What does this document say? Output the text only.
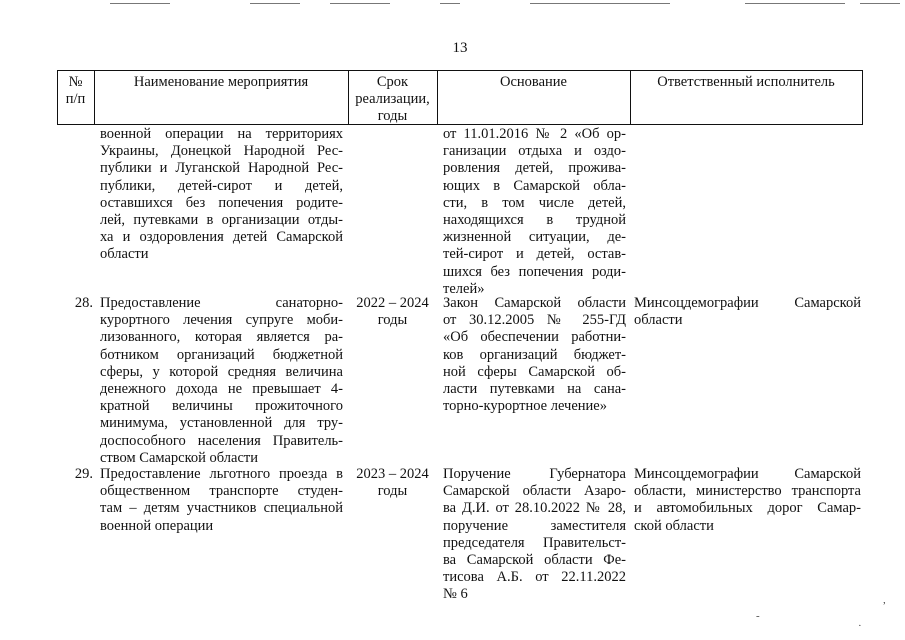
13
№
п/п
Наименование мероприятия	Срок
реализации,
годы
Основание	Ответственный исполнитель
военной операции на территориях
Украины, Донецкой Народной Рес-
публики и Луганской Народной Рес-
публики, детей-сирот и детей,
оставшихся без попечения родите-
лей, путевками в организации отды-
ха и оздоровления детей Самарской
области
от 11.01.2016 № 2 «Об ор-
ганизации отдыха и оздо-
ровления детей, прожива-
ющих в Самарской обла-
сти, в том числе детей,
находящихся в трудной
жизненной ситуации, де-
тей-сирот и детей, остав-
шихся без попечения роди-
телей»
28. Предоставление санаторно-
курортного лечения супруге моби-
лизованного, которая является ра-
ботником организаций бюджетной
сферы, у которой средняя величина
денежного дохода не превышает 4-
кратной величины прожиточного
минимума, установленной для тру-
доспособного населения Правитель-
ством Самарской области
2022 – 2024
годы
Закон Самарской области
от 30.12.2005 № 255-ГД
«Об обеспечении работни-
ков организаций бюджет-
ной сферы Самарской об-
ласти путевками на сана-
торно-курортное лечение»
Минсоцдемографии Самарской
области
29. Предоставление льготного проезда в
общественном транспорте студен-
там – детям участников специальной
военной операции
2023 – 2024
годы
Поручение Губернатора
Самарской области Азаро-
ва Д.И. от 28.10.2022 № 28,
поручение заместителя
председателя Правительст-
ва Самарской области Фе-
тисова А.Б. от 22.11.2022
№ 6
Минсоцдемографии Самарской
области, министерство транспорта
и автомобильных дорог Самар-
ской области
-
,
·
